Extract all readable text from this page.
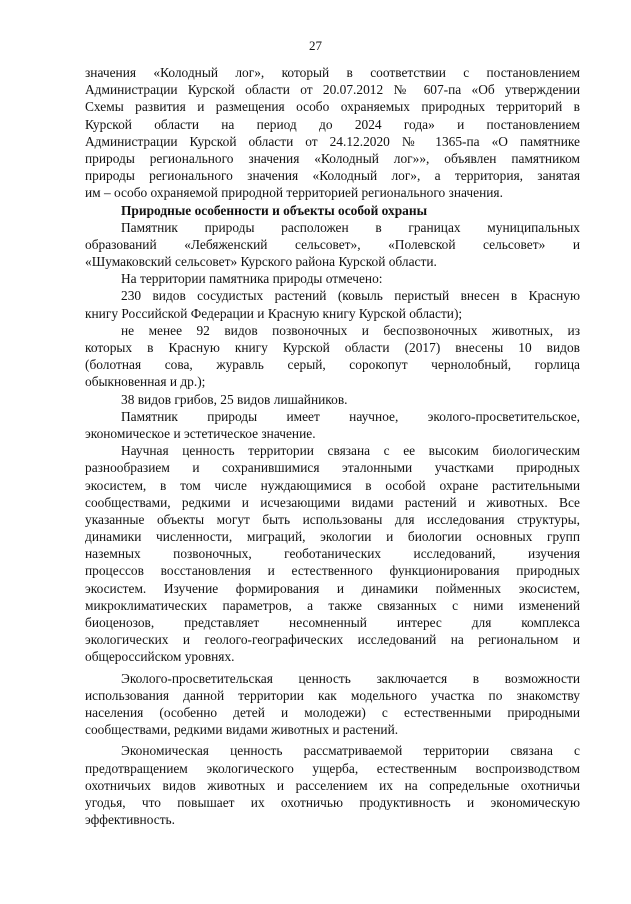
27
значения «Колодный лог», который в соответствии с постановлением
Администрации Курской области от 20.07.2012 № 607-па «Об утверждении
Схемы развития и размещения особо охраняемых природных территорий в
Курской области на период до 2024 года» и постановлением
Администрации Курской области от 24.12.2020 № 1365-па «О памятнике
природы регионального значения «Колодный лог»», объявлен памятником
природы регионального значения «Колодный лог», а территория, занятая
им – особо охраняемой природной территорией регионального значения.
Природные особенности и объекты особой охраны
Памятник природы расположен в границах муниципальных
образований «Лебяженский сельсовет», «Полевской сельсовет» и
«Шумаковский сельсовет» Курского района Курской области.
На территории памятника природы отмечено:
230 видов сосудистых растений (ковыль перистый внесен в Красную
книгу Российской Федерации и Красную книгу Курской области);
не менее 92 видов позвоночных и беспозвоночных животных, из
которых в Красную книгу Курской области (2017) внесены 10 видов
(болотная сова, журавль серый, сорокопут чернолобный, горлица
обыкновенная и др.);
38 видов грибов, 25 видов лишайников.
Памятник природы имеет научное, эколого-просветительское,
экономическое и эстетическое значение.
Научная ценность территории связана с ее высоким биологическим
разнообразием и сохранившимися эталонными участками природных
экосистем, в том числе нуждающимися в особой охране растительными
сообществами, редкими и исчезающими видами растений и животных. Все
указанные объекты могут быть использованы для исследования структуры,
динамики численности, миграций, экологии и биологии основных групп
наземных позвоночных, геоботанических исследований, изучения
процессов восстановления и естественного функционирования природных
экосистем. Изучение формирования и динамики пойменных экосистем,
микроклиматических параметров, а также связанных с ними изменений
биоценозов, представляет несомненный интерес для комплекса
экологических и геолого-географических исследований на региональном и
общероссийском уровнях.
Эколого-просветительская ценность заключается в возможности
использования данной территории как модельного участка по знакомству
населения (особенно детей и молодежи) с естественными природными
сообществами, редкими видами животных и растений.
Экономическая ценность рассматриваемой территории связана с
предотвращением экологического ущерба, естественным воспроизводством
охотничьих видов животных и расселением их на сопредельные охотничьи
угодья, что повышает их охотничью продуктивность и экономическую
эффективность.
